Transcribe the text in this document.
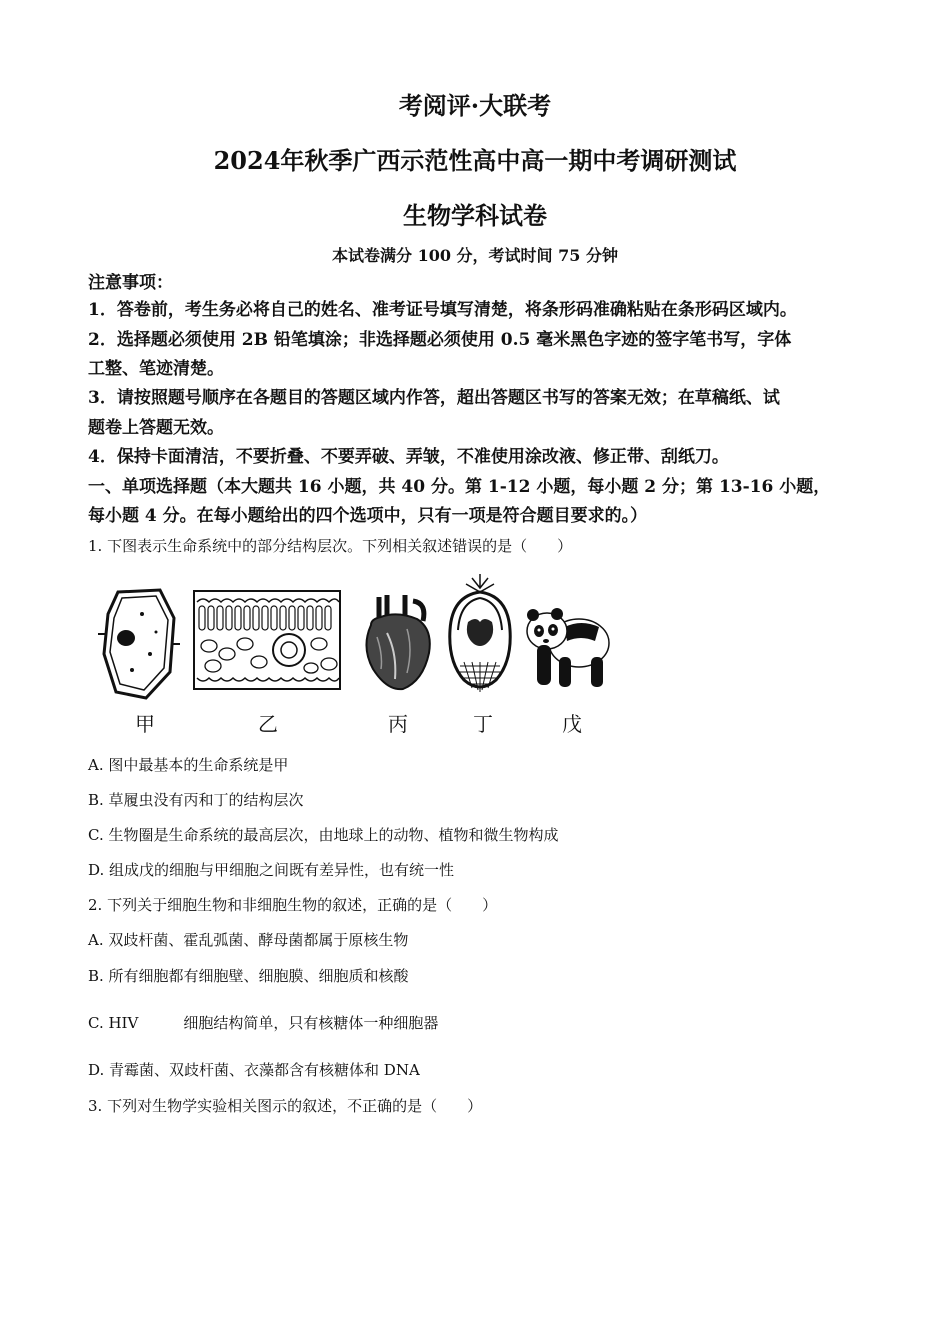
考阅评·大联考
2024年秋季广西示范性高中高一期中考调研测试
生物学科试卷
本试卷满分 100 分，考试时间 75 分钟
注意事项：
1．答卷前，考生务必将自己的姓名、准考证号填写清楚，将条形码准确粘贴在条形码区域内。
2．选择题必须使用 2B 铅笔填涂；非选择题必须使用 0.5 毫米黑色字迹的签字笔书写，字体
工整、笔迹清楚。
3．请按照题号顺序在各题目的答题区域内作答，超出答题区书写的答案无效；在草稿纸、试
题卷上答题无效。
4．保持卡面清洁，不要折叠、不要弄破、弄皱，不准使用涂改液、修正带、刮纸刀。
一、单项选择题（本大题共 16 小题，共 40 分。第 1-12 小题，每小题 2 分；第 13-16 小题，
每小题 4 分。在每小题给出的四个选项中，只有一项是符合题目要求的。）
1. 下图表示生命系统中的部分结构层次。下列相关叙述错误的是（　　）
甲	乙	丙	丁	戊
A. 图中最基本的生命系统是甲
B. 草履虫没有丙和丁的结构层次
C. 生物圈是生命系统的最高层次，由地球上的动物、植物和微生物构成
D. 组成戊的细胞与甲细胞之间既有差异性，也有统一性
2. 下列关于细胞生物和非细胞生物的叙述，正确的是（　　）
A. 双歧杆菌、霍乱弧菌、酵母菌都属于原核生物
B. 所有细胞都有细胞壁、细胞膜、细胞质和核酸
C. HIV　　　细胞结构简单，只有核糖体一种细胞器
D. 青霉菌、双歧杆菌、衣藻都含有核糖体和 DNA
3. 下列对生物学实验相关图示的叙述，不正确的是（　　）
